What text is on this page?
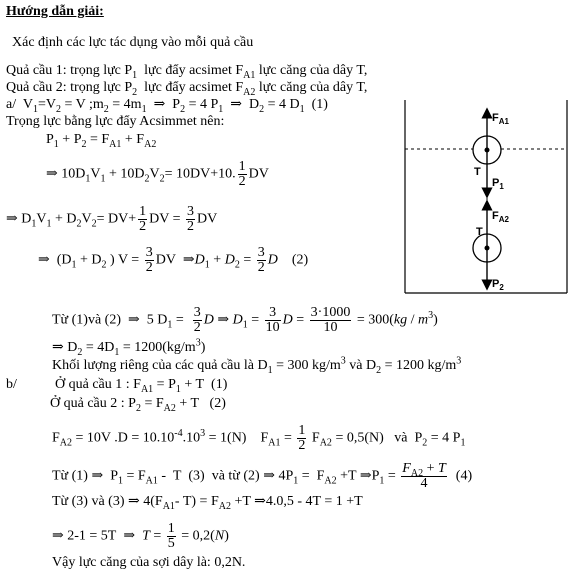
Hướng dẫn giải:
Xác định các lực tác dụng vào mỗi quả cầu
Quả cầu 1: trọng lực $P_1$  lực đẩy acsimet $F_{A1}$ lực căng của dây T,
Quả cầu 2: trọng lực $P_2$  lực đẩy acsimet $F_{A2}$ lực căng của dây T,
a/  $V_1=V_2 = V$ $;m_2 = 4m_1$  ⇒  $P_2 = 4$ $P_1$  ⇒  $D_2 = 4$ $D_1$  (1)
Trọng lực bằng lực đẩy Acsimmet nên:
$P_1 + P_2 = F_{A1} + F_{A2}$
⇒ $10D_1V_1 + 10D_2V_2= 10DV+10$. $\frac{1}{2}$ DV
⇒ $D_1V_1 + D_2V_2= DV+ \frac{1}{2}$ DV = $\frac{3}{2}$ DV
⇒  ($D_1 + D_2$ ) $V = \frac{3}{2}$ DV  $\Rightarrow D_1 + D_2 = \frac{3}{2}$ D    (2)
Từ (1)và (2)  ⇒  5 $D_1 = \frac{3}{2}$ D ⇒ $D_1 = \frac{3}{10}$ $D = \frac{3\cdot 1000}{10} = 300(kg / m^3)$
⇒ $D_2 = 4D_1 = 1200(kg/m^3)$
Khối lượng riêng của các quả cầu là $D_1 = 300$ $kg/m^3$ và $D_2 = 1200$ $kg/m^3$
b/	Ở quả cầu 1 : $F_{A1} = P_1 + T$  (1)
Ở quả cầu 2 : $P_2 = F_{A2} + T$   (2)
$F_{A2} = 10V$ $.D = 10.10^{-4}.10^3 = 1(N)$    $F_{A1} = \frac{1}{2} F_{A2} = 0,5(N)$   và  $P_2 = 4$ $P_1$
Từ (1) ⇒  $P_1 = F_{A1} - T$  (3)  và từ (2) ⇒ $4P_1 = F_{A2} +T$ $\Rightarrow P_1 = \frac{F_{A2} + T}{4} (4)$
Từ (3) và (3) ⇒ $4(F_{A1}-$ $T) = F_{A2} +T$ ⇒4.0,5 - 4T = 1 +T
⇒ 2-1 = 5T  ⇒  $T = \frac{1}{5} = 0,2(N)$
Vậy lực căng của sợi dây là: 0,2N.
$F_{A1}$
T
$P_1$
$F_{A2}$
T
$P_2$
